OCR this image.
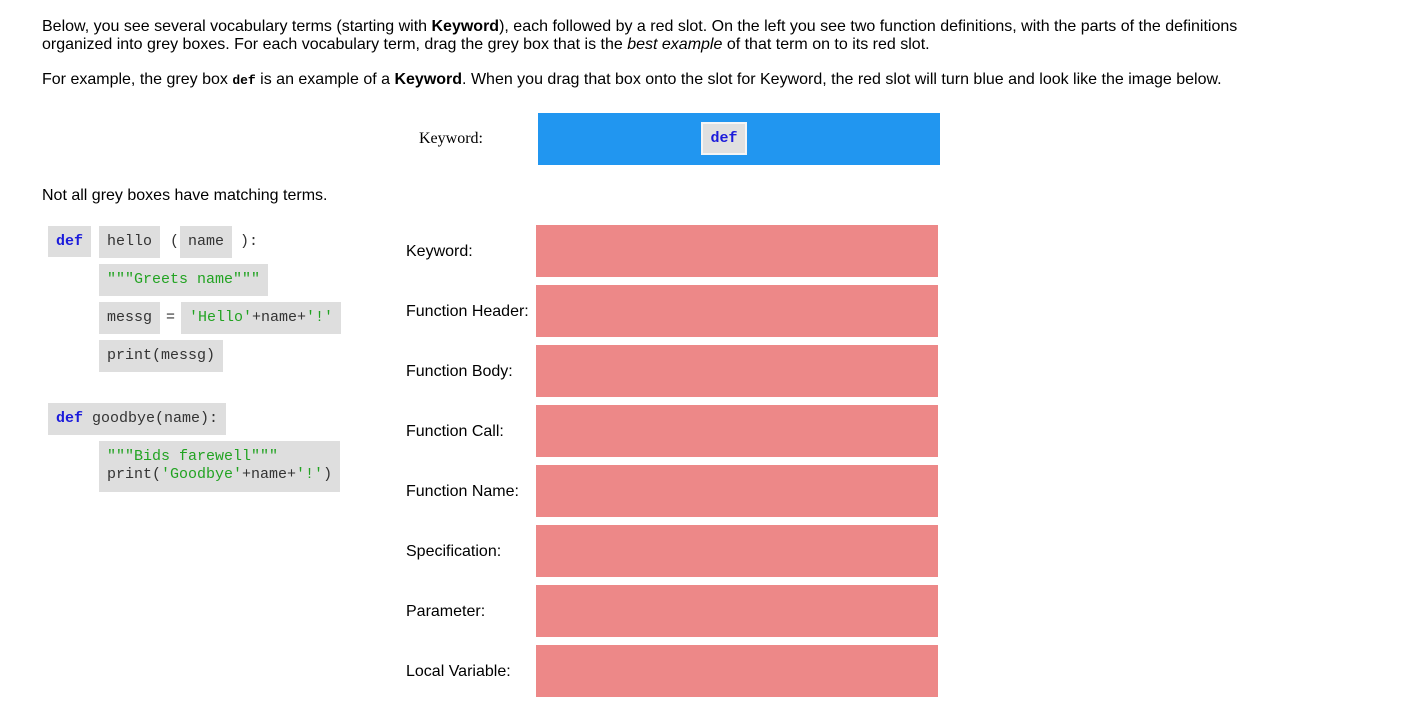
Below, you see several vocabulary terms (starting with Keyword), each followed by a red slot. On the left you see two function definitions, with the parts of the definitions organized into grey boxes. For each vocabulary term, drag the grey box that is the best example of that term on to its red slot.

For example, the grey box def is an example of a Keyword. When you drag that box onto the slot for Keyword, the red slot will turn blue and look like the image below.

Keyword:	def
Not all grey boxes have matching terms.
def	hello	( name	):
"""Greets name"""
messg = 'Hello'+name+'!'
print(messg)
def goodbye(name):
"""Bids farewell"""
print('Goodbye'+name+'!')
Keyword:
Function Header:
Function Body:
Function Call:
Function Name:
Specification:
Parameter:
Local Variable:
